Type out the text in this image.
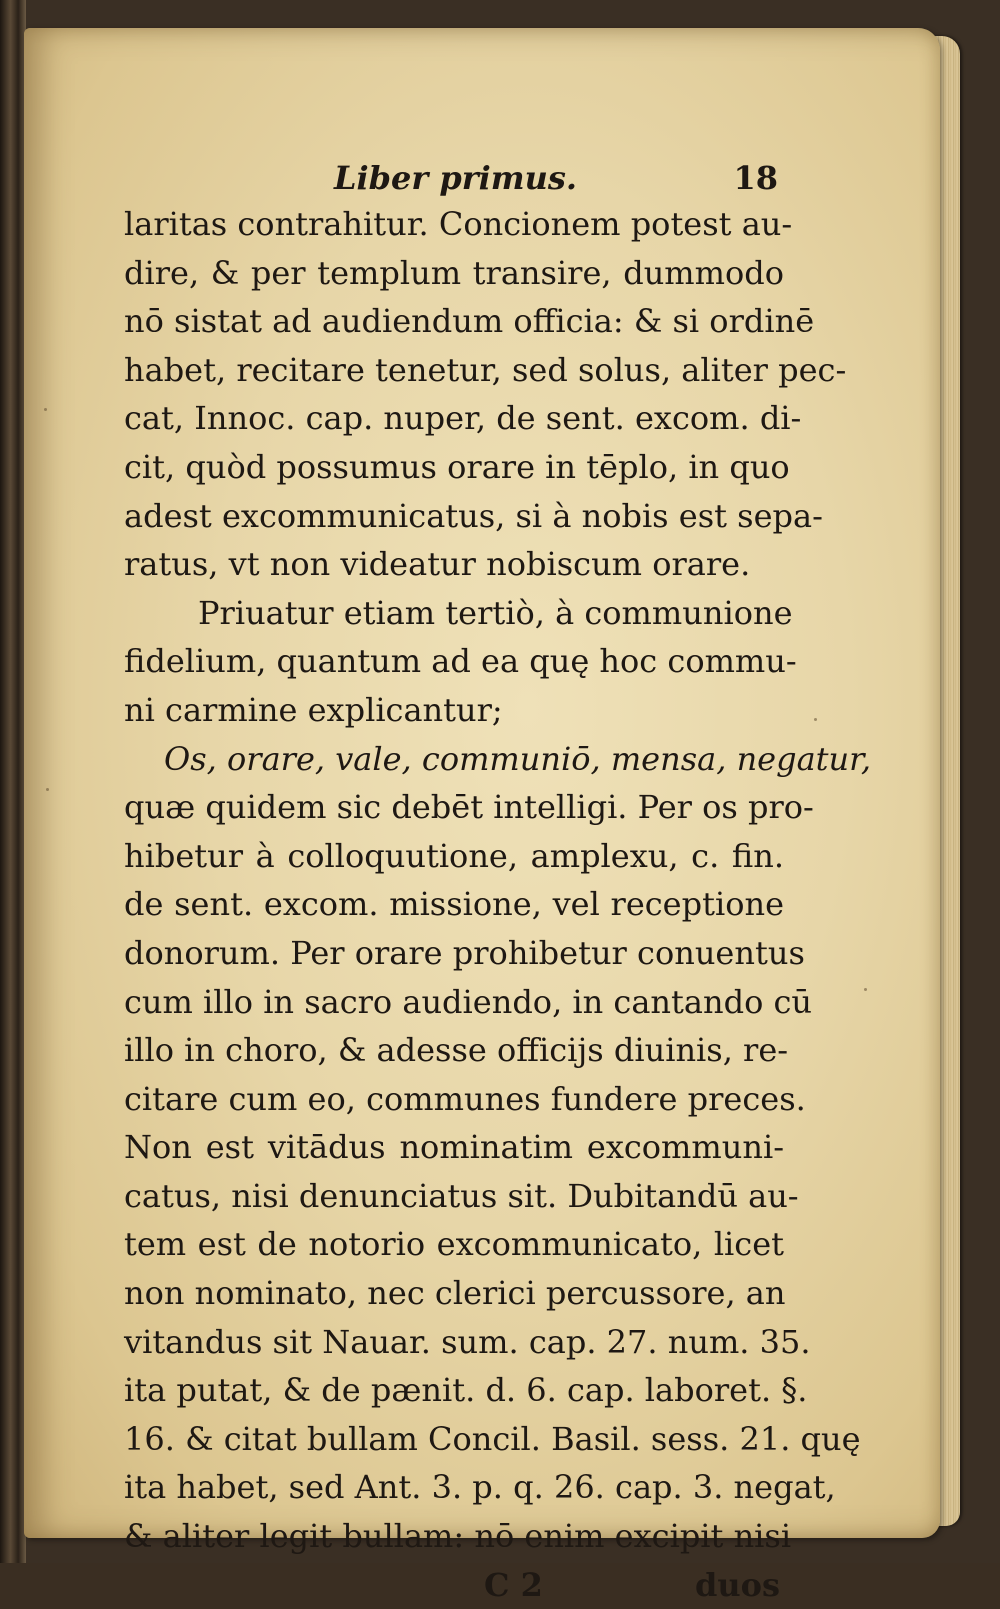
Liber primus.	18
laritas contrahitur. Concionem potest au-
dire, & per templum transire, dummodo
nō sistat ad audiendum officia: & si ordinē
habet, recitare tenetur, sed solus, aliter pec-
cat, Innoc. cap. nuper, de sent. excom. di-
cit, quòd possumus orare in tēplo, in quo
adest excommunicatus, si à nobis est sepa-
ratus, vt non videatur nobiscum orare.
Priuatur etiam tertiò, à communione
fidelium, quantum ad ea quę hoc commu-
ni carmine explicantur;
Os, orare, vale, communiō, mensa, negatur,
quæ quidem sic debēt intelligi. Per os pro-
hibetur à colloquutione, amplexu, c. fin.
de sent. excom. missione, vel receptione
donorum. Per orare prohibetur conuentus
cum illo in sacro audiendo, in cantando cū
illo in choro, & adesse officijs diuinis, re-
citare cum eo, communes fundere preces.
Non est vitādus nominatim excommuni-
catus, nisi denunciatus sit. Dubitandū au-
tem est de notorio excommunicato, licet
non nominato, nec clerici percussore, an
vitandus sit Nauar. sum. cap. 27. num. 35.
ita putat, & de pænit. d. 6. cap. laboret. §.
16. & citat bullam Concil. Basil. sess. 21. quę
ita habet, sed Ant. 3. p. q. 26. cap. 3. negat,
& aliter legit bullam: nō enim excipit nisi
C 2	duos
